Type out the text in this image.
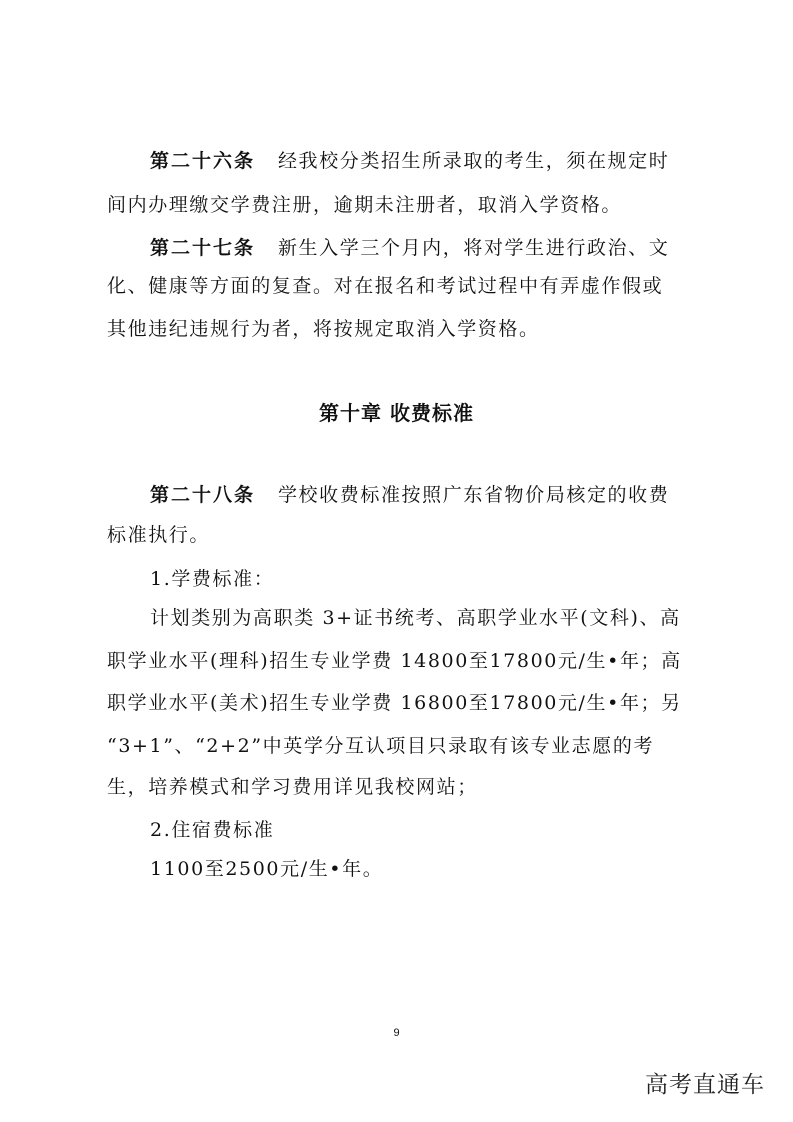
第二十六条 经我校分类招生所录取的考生，须在规定时
间内办理缴交学费注册，逾期未注册者，取消入学资格。
第二十七条 新生入学三个月内，将对学生进行政治、文
化、健康等方面的复查。对在报名和考试过程中有弄虚作假或
其他违纪违规行为者，将按规定取消入学资格。
第十章 收费标准
第二十八条 学校收费标准按照广东省物价局核定的收费
标准执行。
1.学费标准：
计划类别为高职类 3+证书统考、高职学业水平(文科)、高
职学业水平(理科)招生专业学费 14800至17800元/生•年；高
职学业水平(美术)招生专业学费 16800至17800元/生•年；另
“3+1”、“2+2”中英学分互认项目只录取有该专业志愿的考
生，培养模式和学习费用详见我校网站；
2.住宿费标准
1100至2500元/生•年。
9
高考直通车
